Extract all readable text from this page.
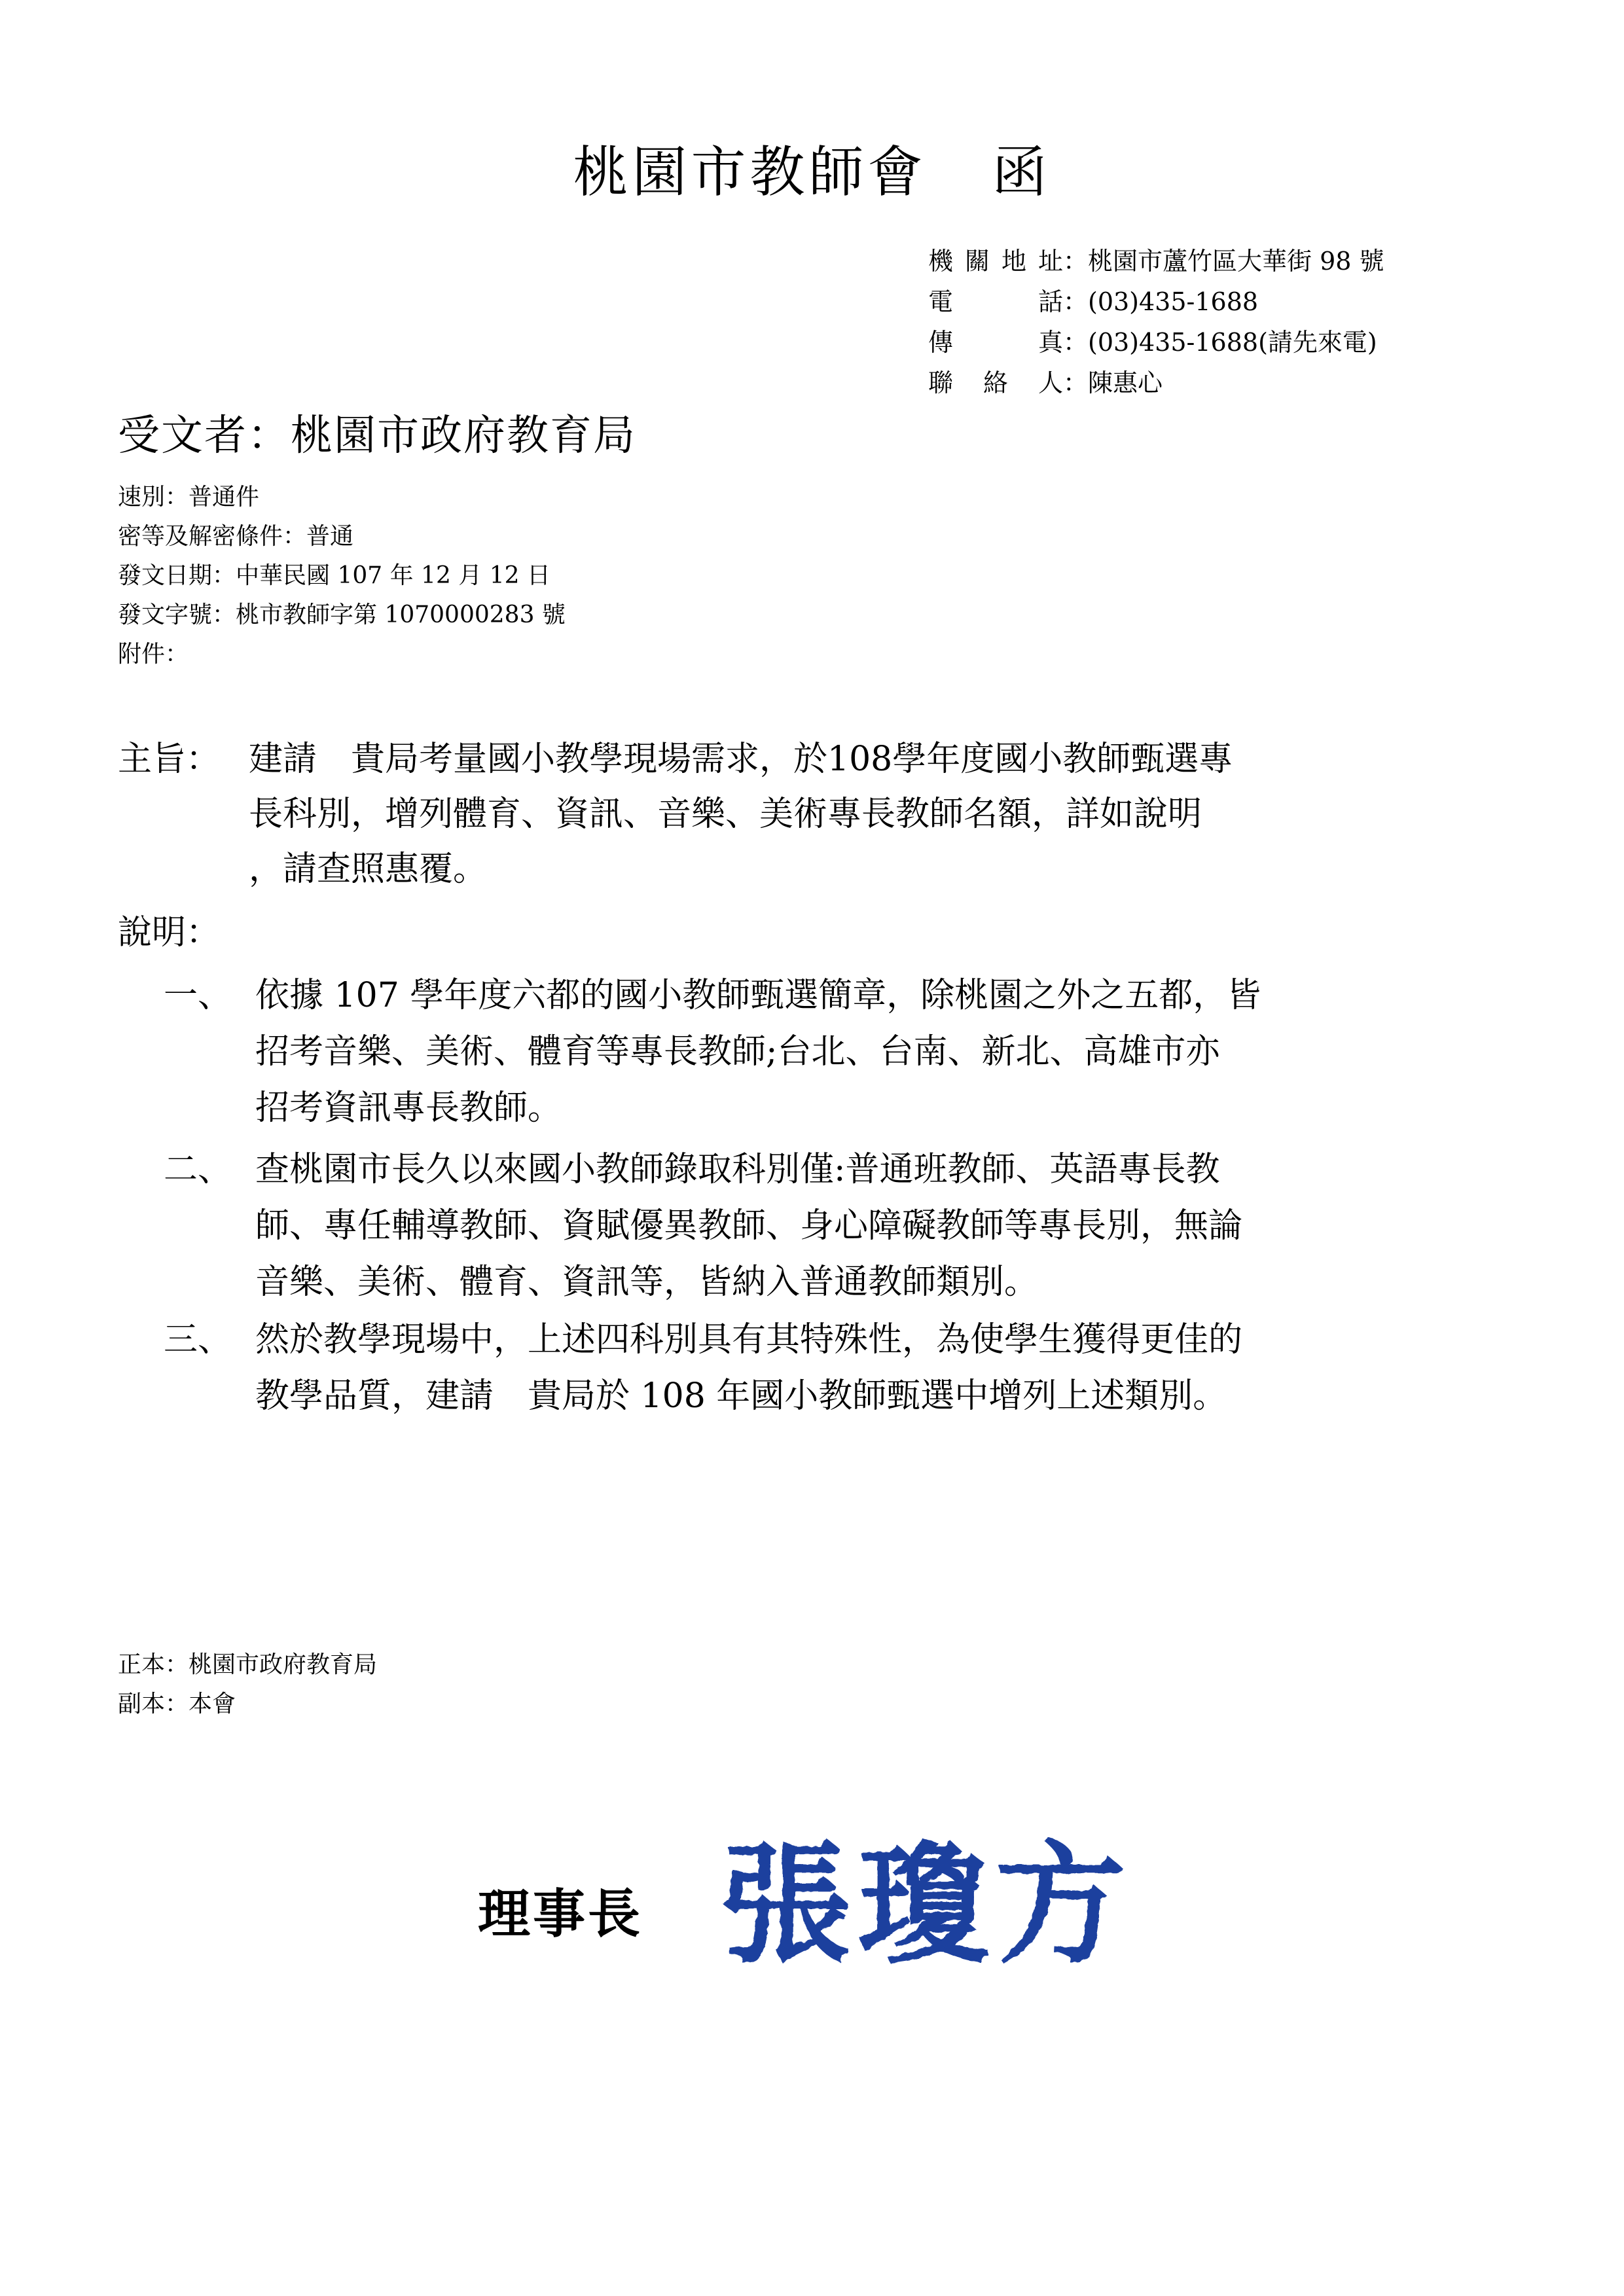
桃園市教師會 函
機關地址 ： 桃園市蘆竹區大華街 98 號
電 話 ： (03)435-1688
傳 真 ： (03)435-1688(請先來電)
聯 絡 人 ： 陳惠心
受文者：桃園市政府教育局
速別：普通件
密等及解密條件：普通
發文日期：中華民國 107 年 12 月 12 日
發文字號：桃市教師字第 1070000283 號
附件：
主旨： 建請　貴局考量國小教學現場需求，於108學年度國小教師甄選專
長科別，增列體育、資訊、音樂、美術專長教師名額，詳如說明
，請查照惠覆。
說明：
一、 依據 107 學年度六都的國小教師甄選簡章，除桃園之外之五都，皆
招考音樂、美術、體育等專長教師;台北、台南、新北、高雄市亦
招考資訊專長教師。
二、 查桃園市長久以來國小教師錄取科別僅:普通班教師、英語專長教
師、專任輔導教師、資賦優異教師、身心障礙教師等專長別，無論
音樂、美術、體育、資訊等，皆納入普通教師類別。
三、 然於教學現場中，上述四科別具有其特殊性，為使學生獲得更佳的
教學品質，建請　貴局於 108 年國小教師甄選中增列上述類別。
正本：桃園市政府教育局
副本：本會
理事長 張瓊方
